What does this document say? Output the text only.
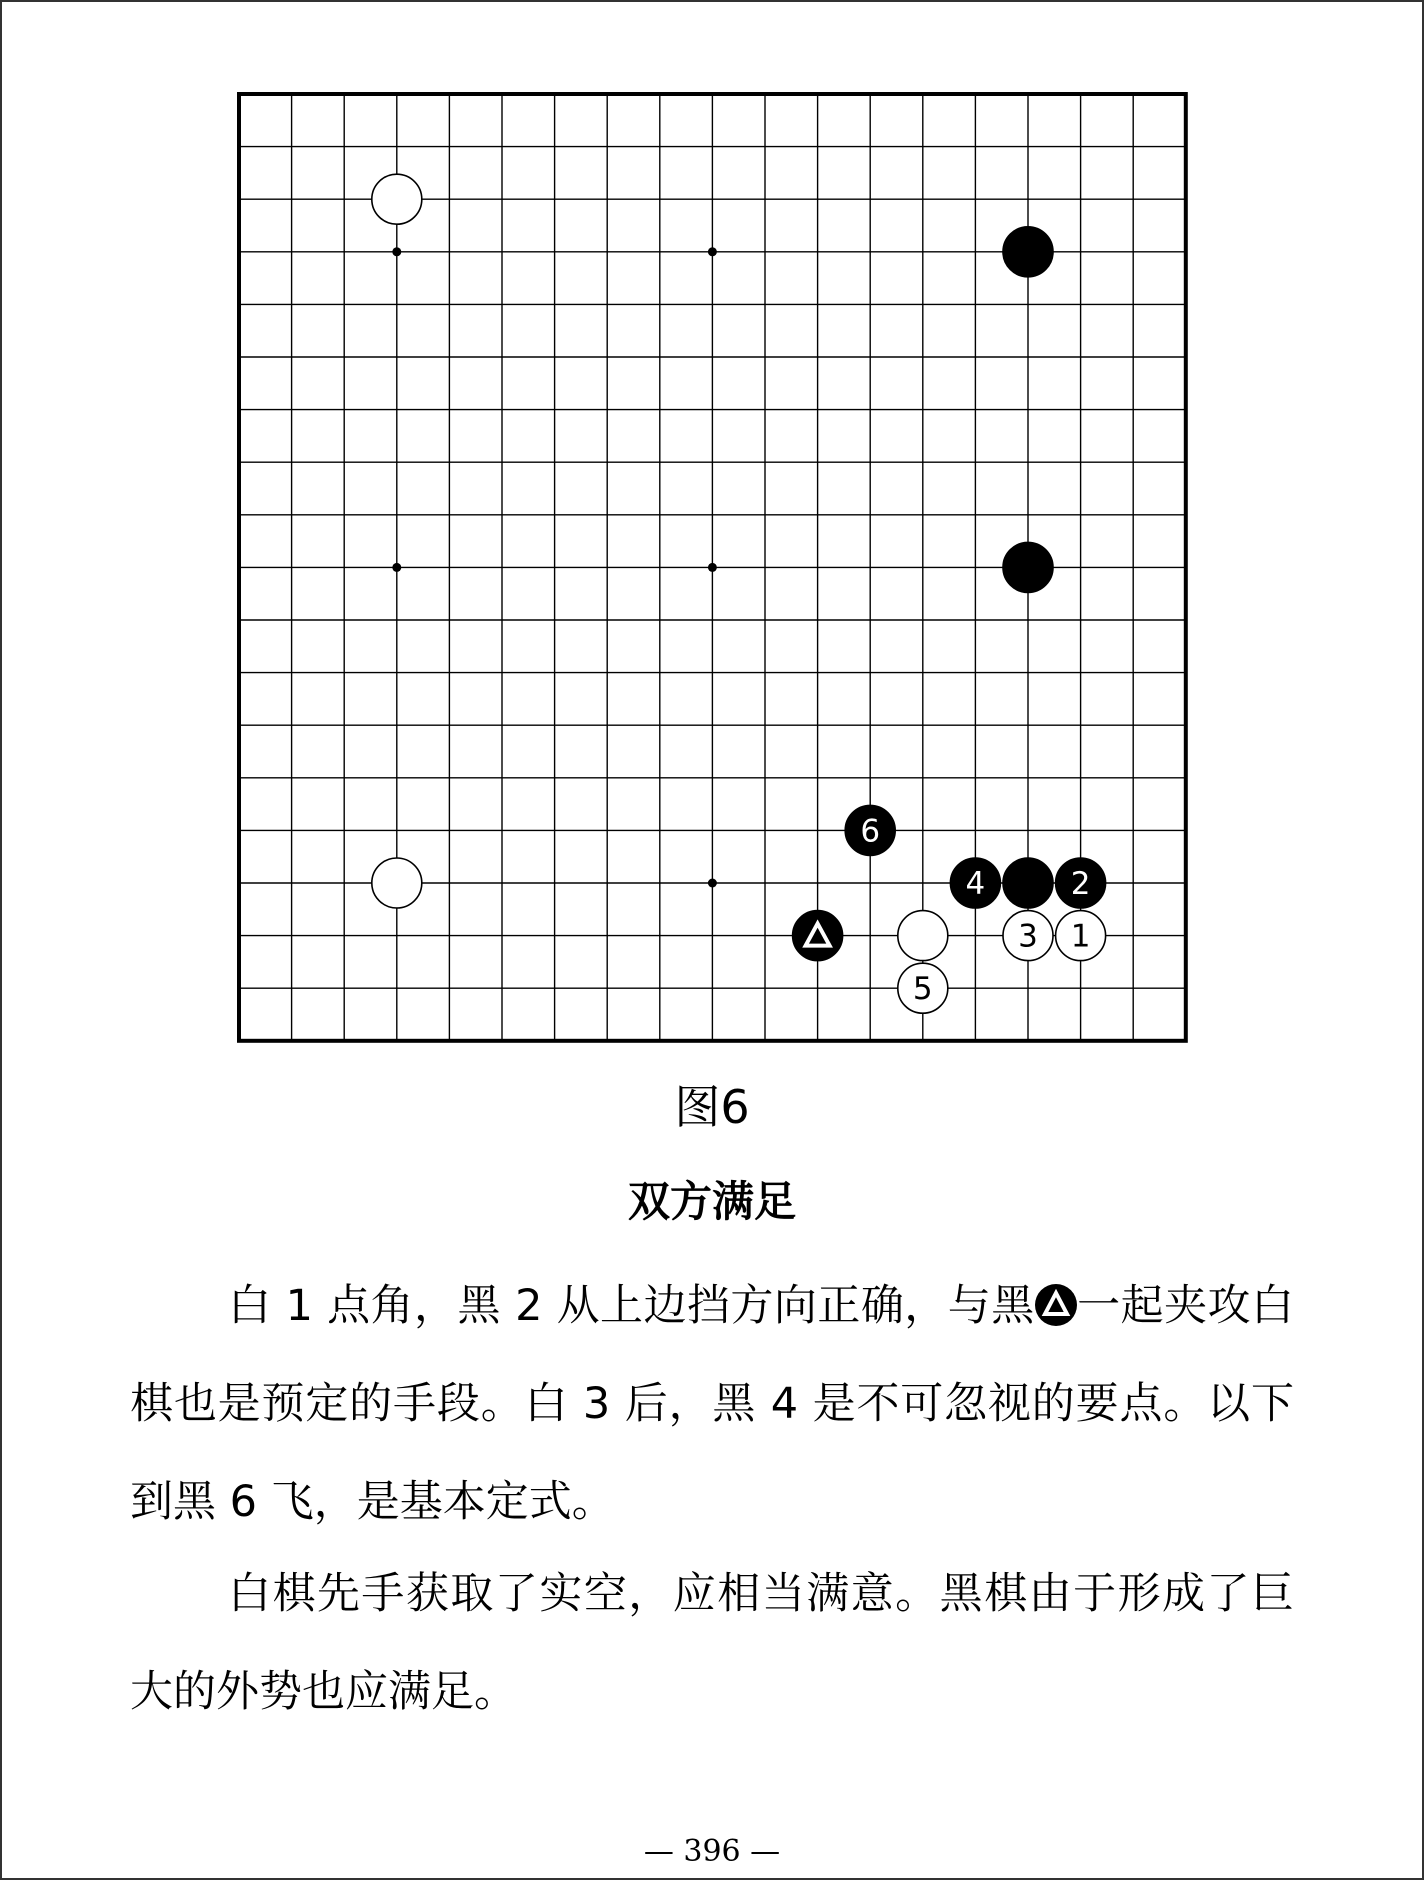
6
4	2
3 1
5
图6
双方满足

白 1 点角，黑 2 从上边挡方向正确，与黑 一起夹攻白棋也是预定的手段。白 3 后，黑 4 是不可忽视的要点。以下到黑 6 飞，是基本定式。

白棋先手获取了实空，应相当满意。黑棋由于形成了巨大的外势也应满足。

— 396 —
